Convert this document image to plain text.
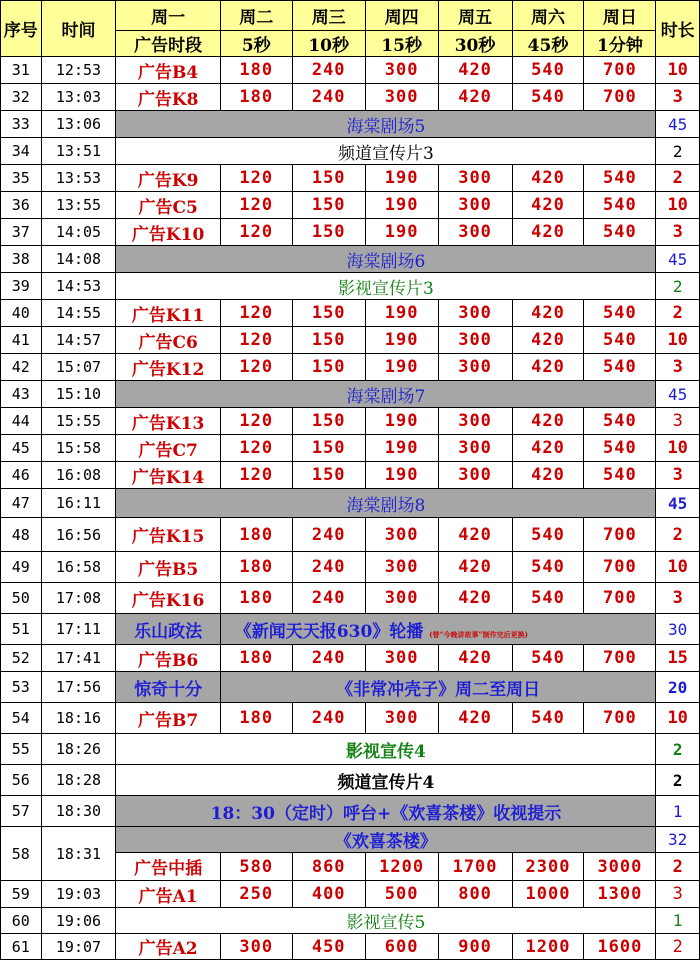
序号	时间	周一	周二	周三	周四	周五	周六	周日	时长
		广告时段	5秒	10秒	15秒	30秒	45秒	1分钟	
31	12:53	广告B4	180	240	300	420	540	700	10
32	13:03	广告K8	180	240	300	420	540	700	3
33	13:06	海棠剧场5							45
34	13:51	频道宣传片3							2
35	13:53	广告K9	120	150	190	300	420	540	2
36	13:55	广告C5	120	150	190	300	420	540	10
37	14:05	广告K10	120	150	190	300	420	540	3
38	14:08	海棠剧场6							45
39	14:53	影视宣传片3							2
40	14:55	广告K11	120	150	190	300	420	540	2
41	14:57	广告C6	120	150	190	300	420	540	10
42	15:07	广告K12	120	150	190	300	420	540	3
43	15:10	海棠剧场7							45
44	15:55	广告K13	120	150	190	300	420	540	3
45	15:58	广告C7	120	150	190	300	420	540	10
46	16:08	广告K14	120	150	190	300	420	540	3
47	16:11	海棠剧场8							45
48	16:56	广告K15	180	240	300	420	540	700	2
49	16:58	广告B5	180	240	300	420	540	700	10
50	17:08	广告K16	180	240	300	420	540	700	3
51	17:11	乐山政法	《新闻天天报630》轮播 (替“今晚讲故事”制作完后更换)						30
52	17:41	广告B6	180	240	300	420	540	700	15
53	17:56	惊奇十分	《非常冲壳子》周二至周日						20
54	18:16	广告B7	180	240	300	420	540	700	10
55	18:26	影视宣传4							2
56	18:28	频道宣传片4							2
57	18:30	18：30（定时）呼台+《欢喜茶楼》收视提示							1
58	18:31	《欢喜茶楼》							32
		广告中插	580	860	1200	1700	2300	3000	2
59	19:03	广告A1	250	400	500	800	1000	1300	3
60	19:06	影视宣传5							1
61	19:07	广告A2	300	450	600	900	1200	1600	2
